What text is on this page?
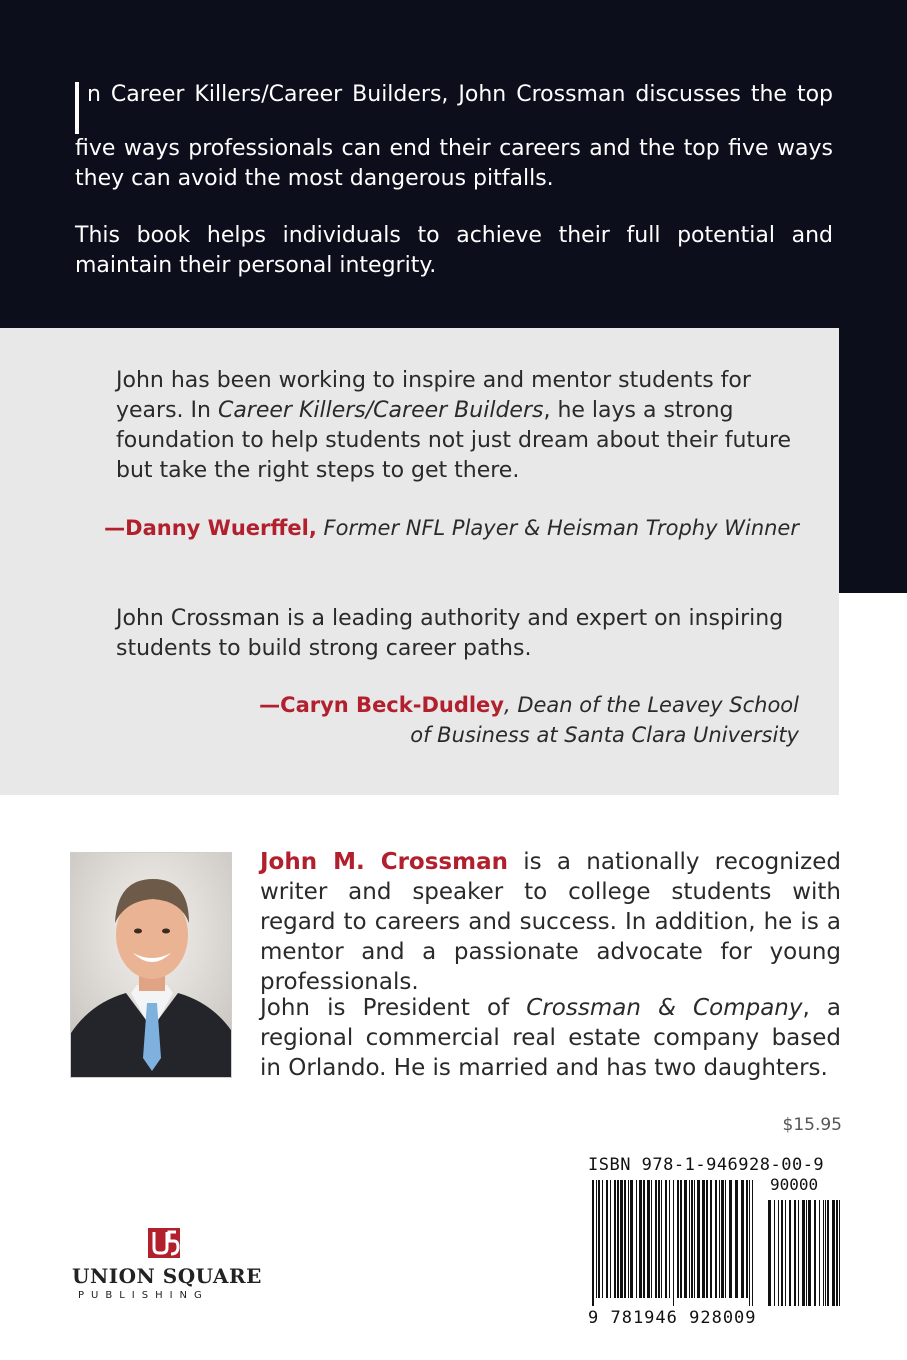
n Career Killers/Career Builders, John Crossman discusses the top five ways professionals can end their careers and the top five ways they can avoid the most dangerous pitfalls.

This book helps individuals to achieve their full potential and maintain their personal integrity.

John has been working to inspire and mentor students for years. In Career Killers/Career Builders, he lays a strong foundation to help students not just dream about their future but take the right steps to get there.

—Danny Wuerffel, Former NFL Player & Heisman Trophy Winner

John Crossman is a leading authority and expert on inspiring students to build strong career paths.

—Caryn Beck-Dudley, Dean of the Leavey School
of Business at Santa Clara University

John M. Crossman is a nationally recognized writer and speaker to college students with regard to careers and success. In addition, he is a mentor and a passionate advocate for young professionals.

John is President of Crossman & Company, a regional commercial real estate company based in Orlando. He is married and has two daughters.

$15.95
ISBN 978-1-946928-00-9
90000
9 781946 928009
UNION SQUARE
PUBLISHING
